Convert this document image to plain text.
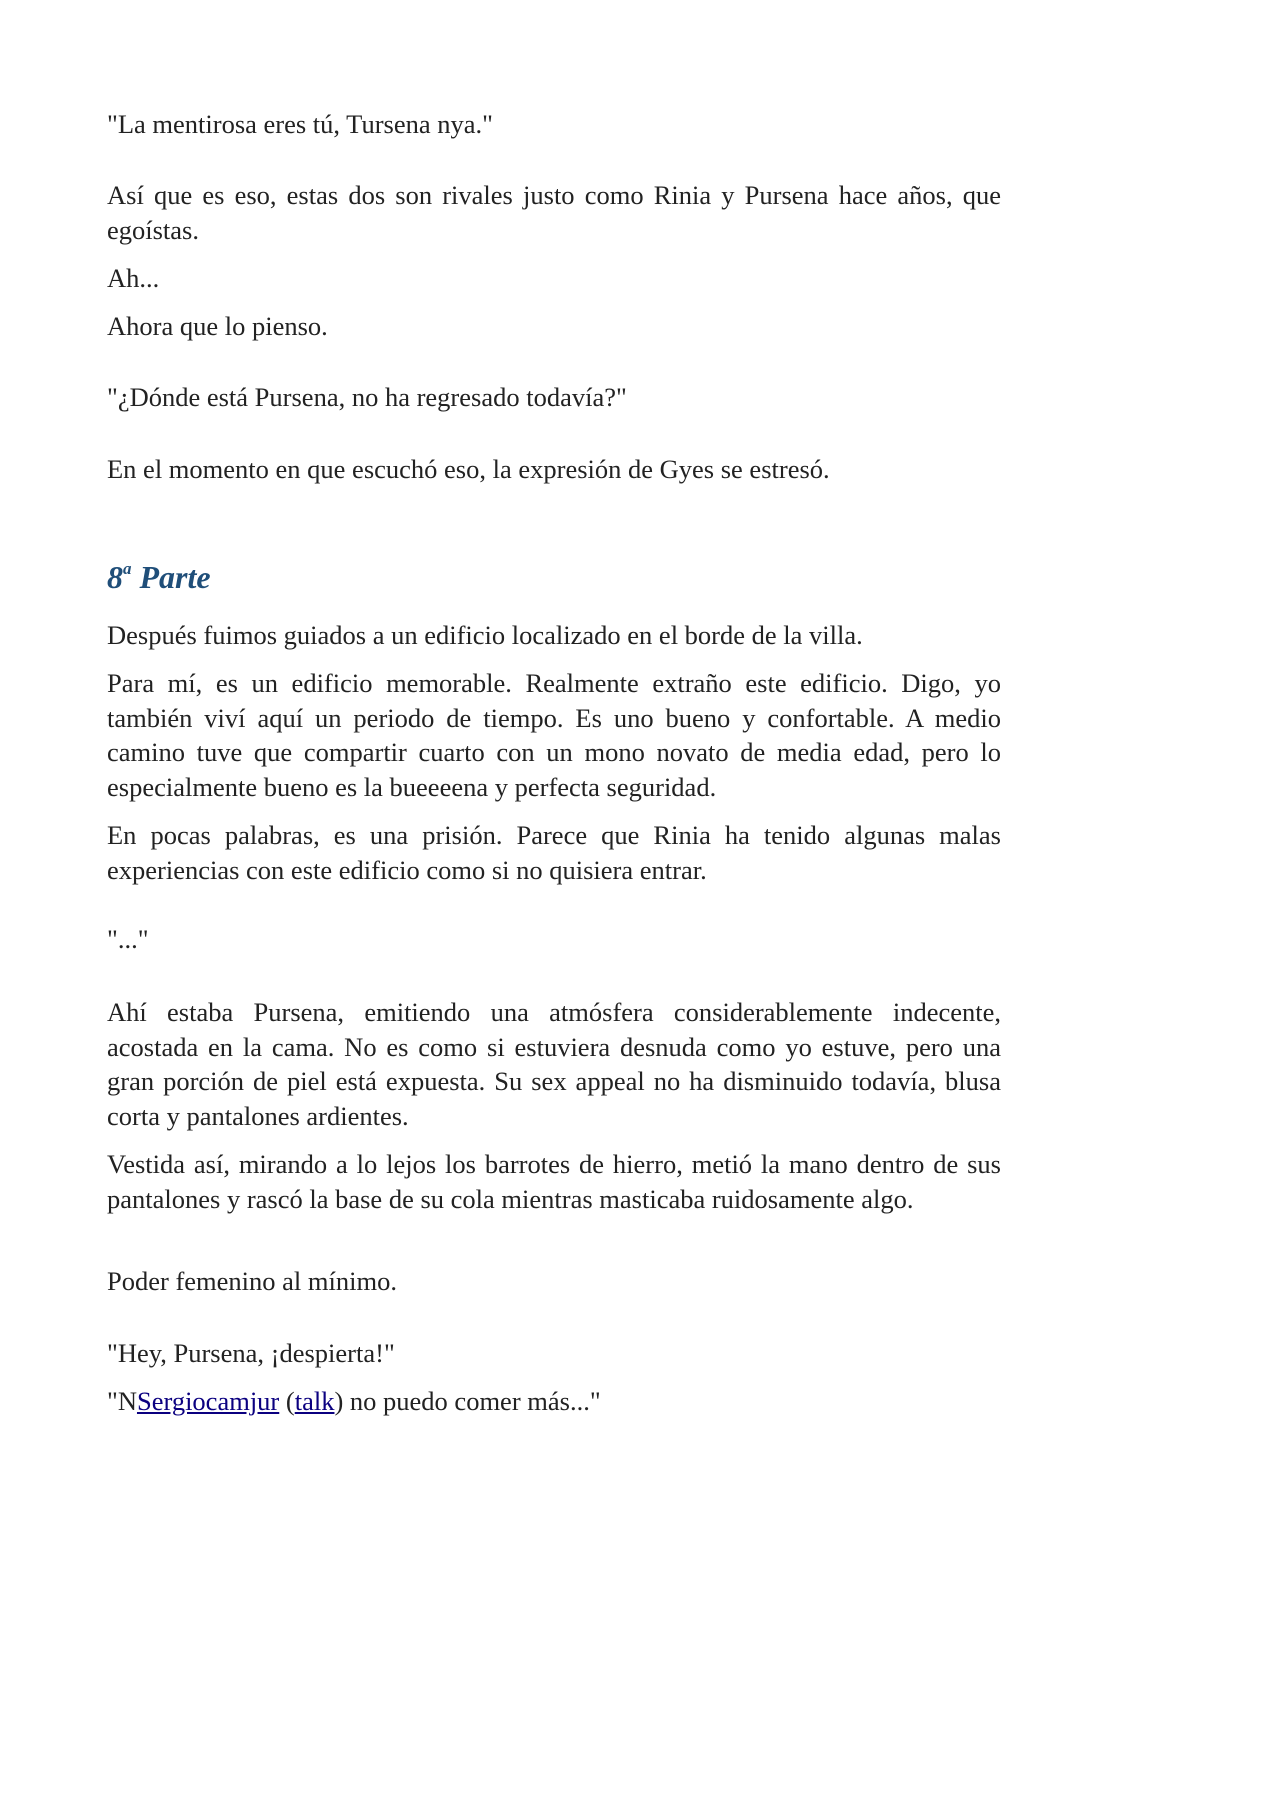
"La mentirosa eres tú, Tursena nya."

Así que es eso, estas dos son rivales justo como Rinia y Pursena hace años, que egoístas.

Ah...

Ahora que lo pienso.

"¿Dónde está Pursena, no ha regresado todavía?"

En el momento en que escuchó eso, la expresión de Gyes se estresó.

8$^a$ Parte

Después fuimos guiados a un edificio localizado en el borde de la villa.

Para mí, es un edificio memorable. Realmente extraño este edificio. Digo, yo también viví aquí un periodo de tiempo. Es uno bueno y confortable. A medio camino tuve que compartir cuarto con un mono novato de media edad, pero lo especialmente bueno es la bueeeena y perfecta seguridad.

En pocas palabras, es una prisión. Parece que Rinia ha tenido algunas malas experiencias con este edificio como si no quisiera entrar.

"..."

Ahí estaba Pursena, emitiendo una atmósfera considerablemente indecente, acostada en la cama. No es como si estuviera desnuda como yo estuve, pero una gran porción de piel está expuesta. Su sex appeal no ha disminuido todavía, blusa corta y pantalones ardientes.

Vestida así, mirando a lo lejos los barrotes de hierro, metió la mano dentro de sus pantalones y rascó la base de su cola mientras masticaba ruidosamente algo.

Poder femenino al mínimo.

"Hey, Pursena, ¡despierta!"

"NSergiocamjur (talk) no puedo comer más..."
